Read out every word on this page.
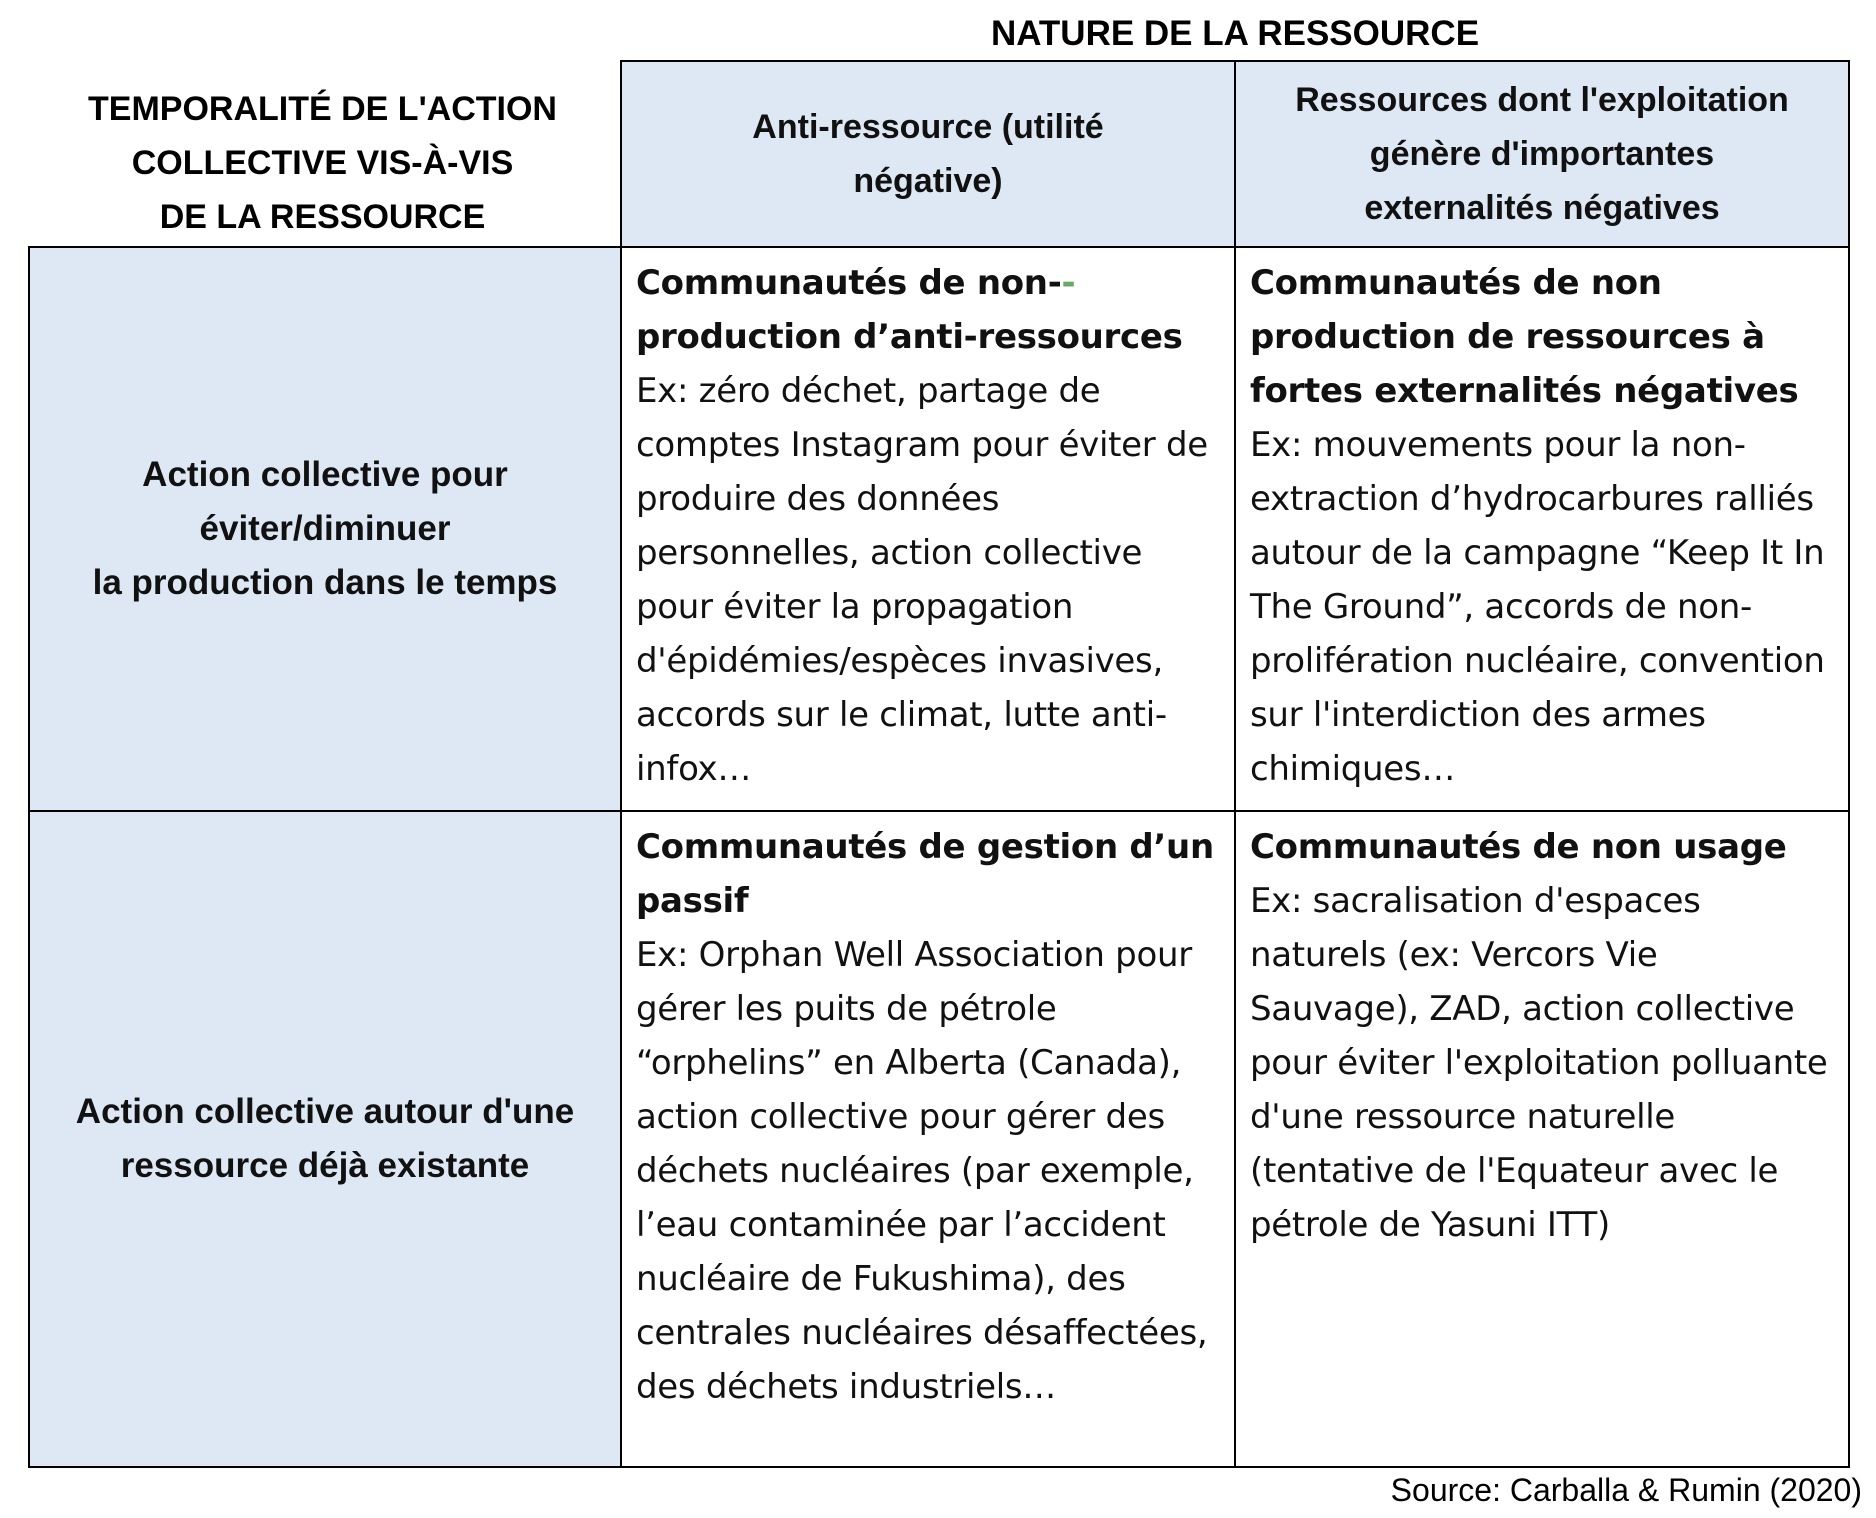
NATURE DE LA RESSOURCE
TEMPORALITÉ DE L'ACTION
COLLECTIVE VIS-À-VIS
DE LA RESSOURCE
Anti-ressource (utilité
négative)
Ressources dont l'exploitation
génère d'importantes
externalités négatives
Action collective pour
éviter/diminuer
la production dans le temps
Action collective autour d'une
ressource déjà existante
Communautés de non--
production d’anti-ressources
Ex: zéro déchet, partage de comptes Instagram pour éviter de produire des données personnelles, action collective pour éviter la propagation d'épidémies/espèces invasives, accords sur le climat, lutte anti-infox…
Communautés de non production de ressources à fortes externalités négatives
Ex: mouvements pour la non-extraction d’hydrocarbures ralliés autour de la campagne “Keep It In The Ground”, accords de non-prolifération nucléaire, convention sur l'interdiction des armes chimiques…
Communautés de gestion d’un passif
Ex: Orphan Well Association pour gérer les puits de pétrole “orphelins” en Alberta (Canada), action collective pour gérer des déchets nucléaires (par exemple, l’eau contaminée par l’accident nucléaire de Fukushima), des centrales nucléaires désaffectées, des déchets industriels…
Communautés de non usage
Ex: sacralisation d'espaces naturels (ex: Vercors Vie Sauvage), ZAD, action collective pour éviter l'exploitation polluante d'une ressource naturelle (tentative de l'Equateur avec le pétrole de Yasuni ITT)
Source: Carballa & Rumin (2020)
